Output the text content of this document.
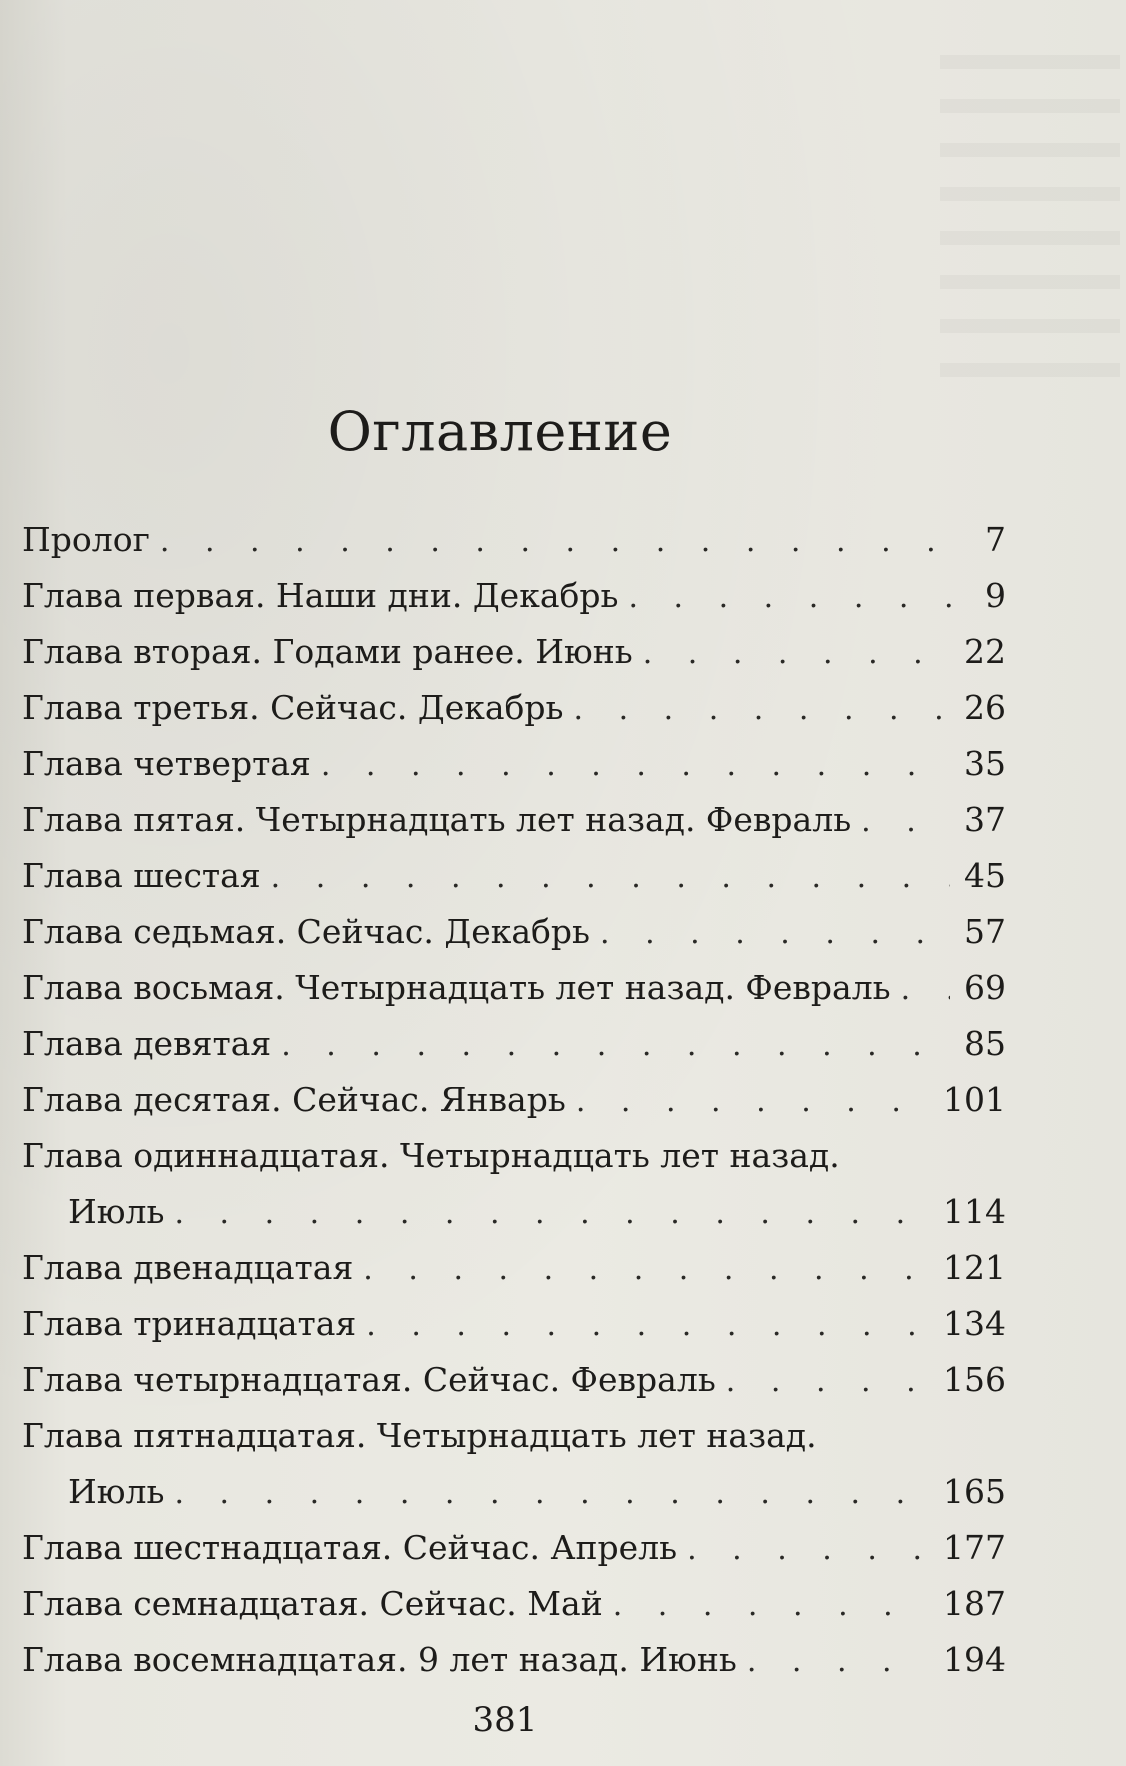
Оглавление
Пролог . . .	7
Глава первая. Наши дни. Декабрь . . .	9
Глава вторая. Годами ранее. Июнь . . .	22
Глава третья. Сейчас. Декабрь . . .	26
Глава четвертая . . .	35
Глава пятая. Четырнадцать лет назад. Февраль . . .	37
Глава шестая . . .	45
Глава седьмая. Сейчас. Декабрь . . .	57
Глава восьмая. Четырнадцать лет назад. Февраль . . .	69
Глава девятая . . .	85
Глава десятая. Сейчас. Январь . . .	101
Глава одиннадцатая. Четырнадцать лет назад.
Июль . . .	114
Глава двенадцатая . . .	121
Глава тринадцатая . . .	134
Глава четырнадцатая. Сейчас. Февраль . . .	156
Глава пятнадцатая. Четырнадцать лет назад.
Июль . . .	165
Глава шестнадцатая. Сейчас. Апрель . . .	177
Глава семнадцатая. Сейчас. Май . . .	187
Глава восемнадцатая. 9 лет назад. Июнь . . .	194
381
